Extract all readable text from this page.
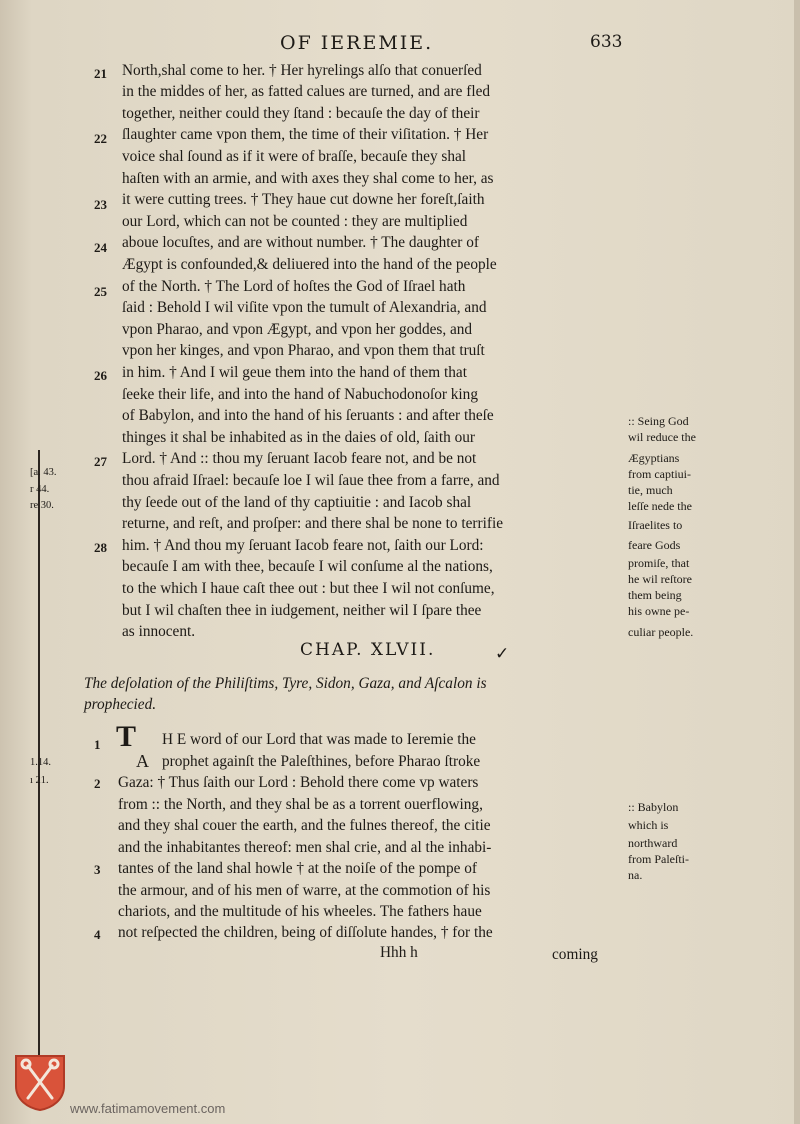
OF IEREMIE.	633
21
22
23
24
25
26
27
28
North,shal come to her. † Her hyrelings alſo that conuerſed
in the middes of her, as fatted calues are turned, and are fled
together, neither could they ſtand : becauſe the day of their
ſlaughter came vpon them, the time of their viſitation. † Her
voice shal ſound as if it were of braſſe, becauſe they shal
haſten with an armie, and with axes they shal come to her, as
it were cutting trees. † They haue cut downe her foreſt,ſaith
our Lord, which can not be counted : they are multiplied
aboue locuſtes, and are without number. † The daughter of
Ægypt is confounded,& deliuered into the hand of the people
of the North. † The Lord of hoſtes the God of Iſrael hath
ſaid : Behold I wil viſite vpon the tumult of Alexandria, and
vpon Pharao, and vpon Ægypt, and vpon her goddes, and
vpon her kinges, and vpon Pharao, and vpon them that truſt
in him. † And I wil geue them into the hand of them that
ſeeke their life, and into the hand of Nabuchodonoſor king
of Babylon, and into the hand of his ſeruants : and after theſe
thinges it shal be inhabited as in the daies of old, ſaith our
Lord. † And :: thou my ſeruant Iacob feare not, and be not
thou afraid Iſrael: becauſe loe I wil ſaue thee from a farre, and
thy ſeede out of the land of thy captiuitie : and Iacob shal
returne, and reſt, and proſper: and there shal be none to terrifie
him. † And thou my ſeruant Iacob feare not, ſaith our Lord:
becauſe I am with thee, becauſe I wil conſume al the nations,
to the which I haue caſt thee out : but thee I wil not conſume,
but I wil chaſten thee in iudgement, neither wil I ſpare thee
as innocent.
:: Seing God
wil reduce the
Ægyptians
from captiui-
tie, much
leſſe nede the
Iſraelites to
feare Gods
promiſe, that
he wil reſtore
them being
his owne pe-
culiar people.
[a. 43.
r 44.
re 30.
1.14.
ı 21.
CHAP. XLVII.	✓
The deſolation of the Philiſtims, Tyre, Sidon, Gaza, and Aſcalon is
propheсied.
1
2
3
4
T
A
H E word of our Lord that was made to Ieremie the
prophet againſt the Paleſthines, before Pharao ſtroke
Gaza: † Thus ſaith our Lord : Behold there come vp waters
from :: the North, and they shal be as a torrent ouerflowing,
and they shal couer the earth, and the fulnes thereof, the citie
and the inhabitantes thereof: men shal crie, and al the inhabi-
tantes of the land shal howle † at the noiſe of the pompe of
the armour, and of his men of warre, at the commotion of his
chariots, and the multitude of his wheeles. The fathers haue
not reſpected the children, being of diſſolute handes, † for the
:: Babylon
which is
northward
from Paleſti-
na.
Hhh h	coming
www.fatimamovement.com
